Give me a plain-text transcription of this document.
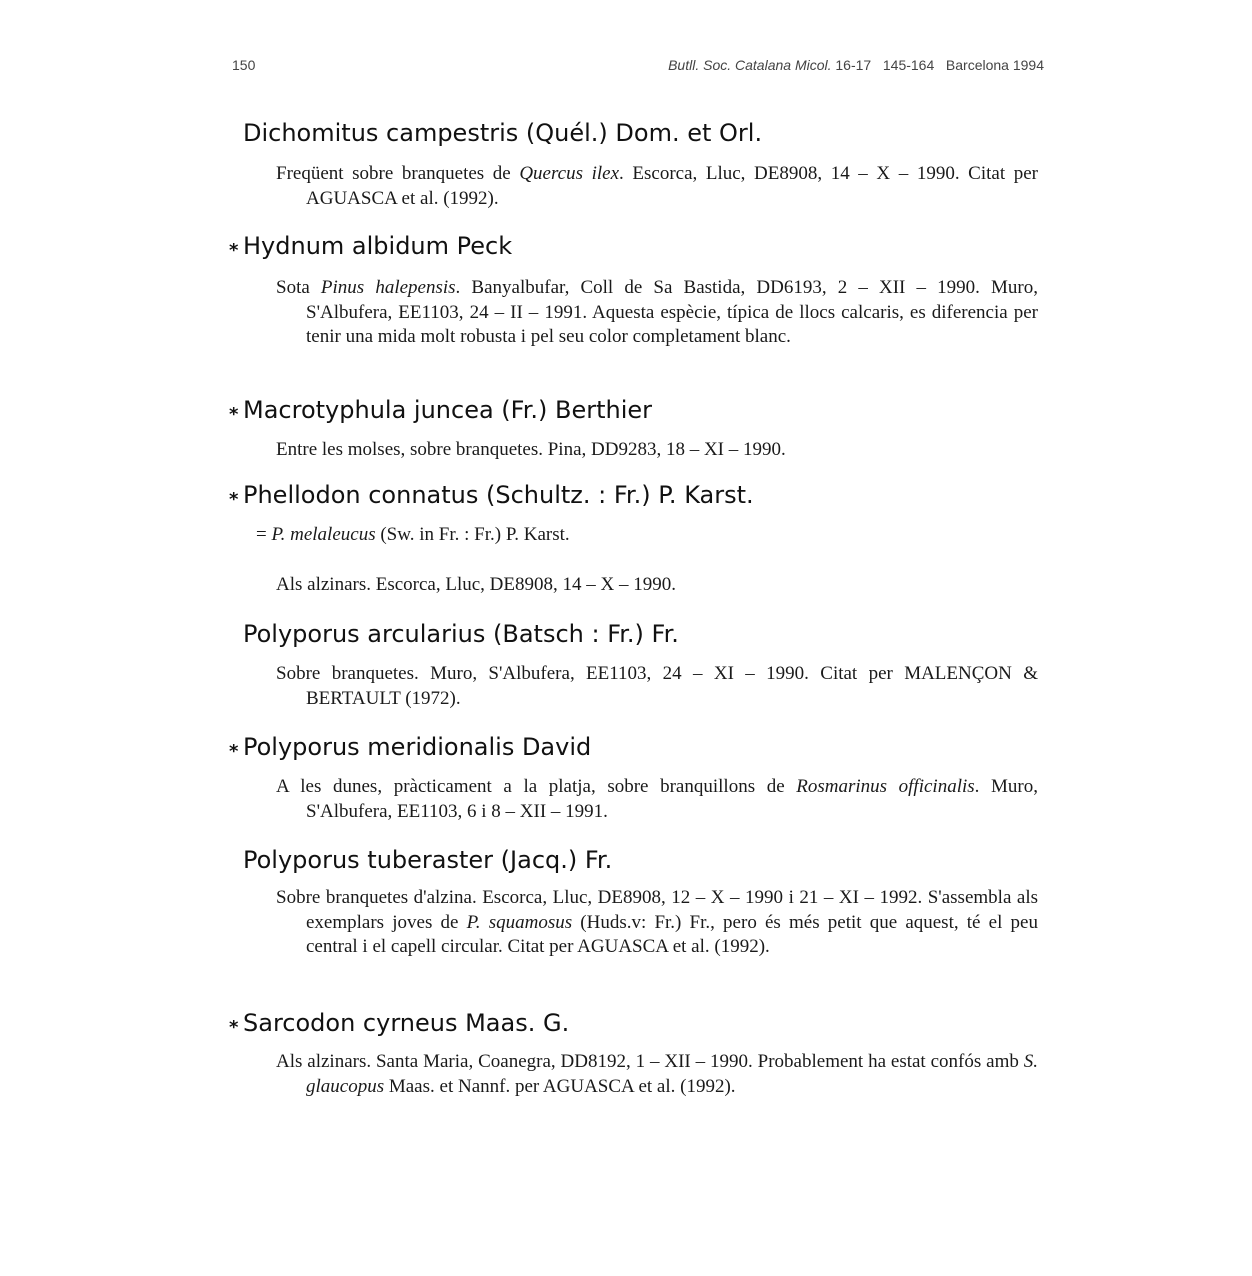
150	Butll. Soc. Catalana Micol. 16-17   145-164   Barcelona 1994
Dichomitus campestris (Quél.) Dom. et Orl.

Freqüent sobre branquetes de Quercus ilex. Escorca, Lluc, DE8908, 14 – X – 1990. Citat per AGUASCA et al. (1992).

* Hydnum albidum Peck

Sota Pinus halepensis. Banyalbufar, Coll de Sa Bastida, DD6193, 2 – XII – 1990. Muro, S'Albufera, EE1103, 24 – II – 1991. Aquesta espècie, típica de llocs calcaris, es diferencia per tenir una mida molt robusta i pel seu color completament blanc.

* Macrotyphula juncea (Fr.) Berthier

Entre les molses, sobre branquetes. Pina, DD9283, 18 – XI – 1990.

* Phellodon connatus (Schultz. : Fr.) P. Karst.
= P. melaleucus (Sw. in Fr. : Fr.) P. Karst.

Als alzinars. Escorca, Lluc, DE8908, 14 – X – 1990.

Polyporus arcularius (Batsch : Fr.) Fr.

Sobre branquetes. Muro, S'Albufera, EE1103, 24 – XI – 1990. Citat per MALENÇON & BERTAULT (1972).

* Polyporus meridionalis David

A les dunes, pràcticament a la platja, sobre branquillons de Rosmarinus officinalis. Muro, S'Albufera, EE1103, 6 i 8 – XII – 1991.

Polyporus tuberaster (Jacq.) Fr.

Sobre branquetes d'alzina. Escorca, Lluc, DE8908, 12 – X – 1990 i 21 – XI – 1992. S'assembla als exemplars joves de P. squamosus (Huds.v: Fr.) Fr., pero és més petit que aquest, té el peu central i el capell circular. Citat per AGUASCA et al. (1992).

* Sarcodon cyrneus Maas. G.

Als alzinars. Santa Maria, Coanegra, DD8192, 1 – XII – 1990. Probablement ha estat confós amb S. glaucopus Maas. et Nannf. per AGUASCA et al. (1992).
